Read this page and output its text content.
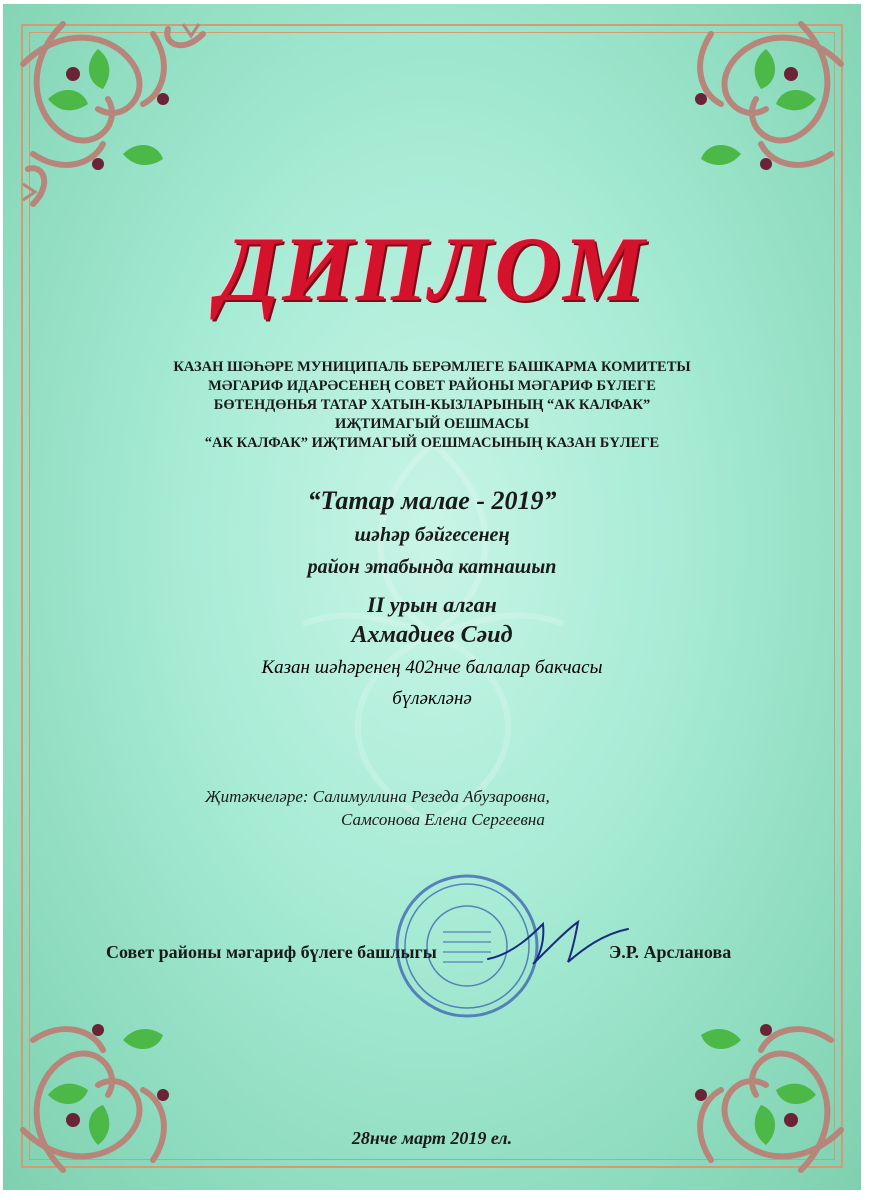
ДИПЛОМ
КАЗАН ШӘҺӘРЕ МУНИЦИПАЛЬ БЕРӘМЛЕГЕ БАШКАРМА КОМИТЕТЫ
МӘГАРИФ ИДАРӘСЕНЕҢ СОВЕТ РАЙОНЫ МӘГАРИФ БҮЛЕГЕ
БӨТЕНДӨНЬЯ ТАТАР ХАТЫН-КЫЗЛАРЫНЫҢ “АК КАЛФАК”
ИҖТИМАГЫЙ ОЕШМАСЫ
“АК КАЛФАК” ИҖТИМАГЫЙ ОЕШМАСЫНЫҢ КАЗАН БҮЛЕГЕ
“Татар малае - 2019”
шәһәр бәйгесенең
район этабында катнашып
II урын алган
Ахмадиев Сәид
Казан шәһәренең 402нче балалар бакчасы
бүләкләнә
Җитәкчеләре: Салимуллина Резеда Абузаровна,
Самсонова Елена Сергеевна
Совет районы мәгариф бүлеге башлыгы	Э.Р. Арсланова
28нче март 2019 ел.
